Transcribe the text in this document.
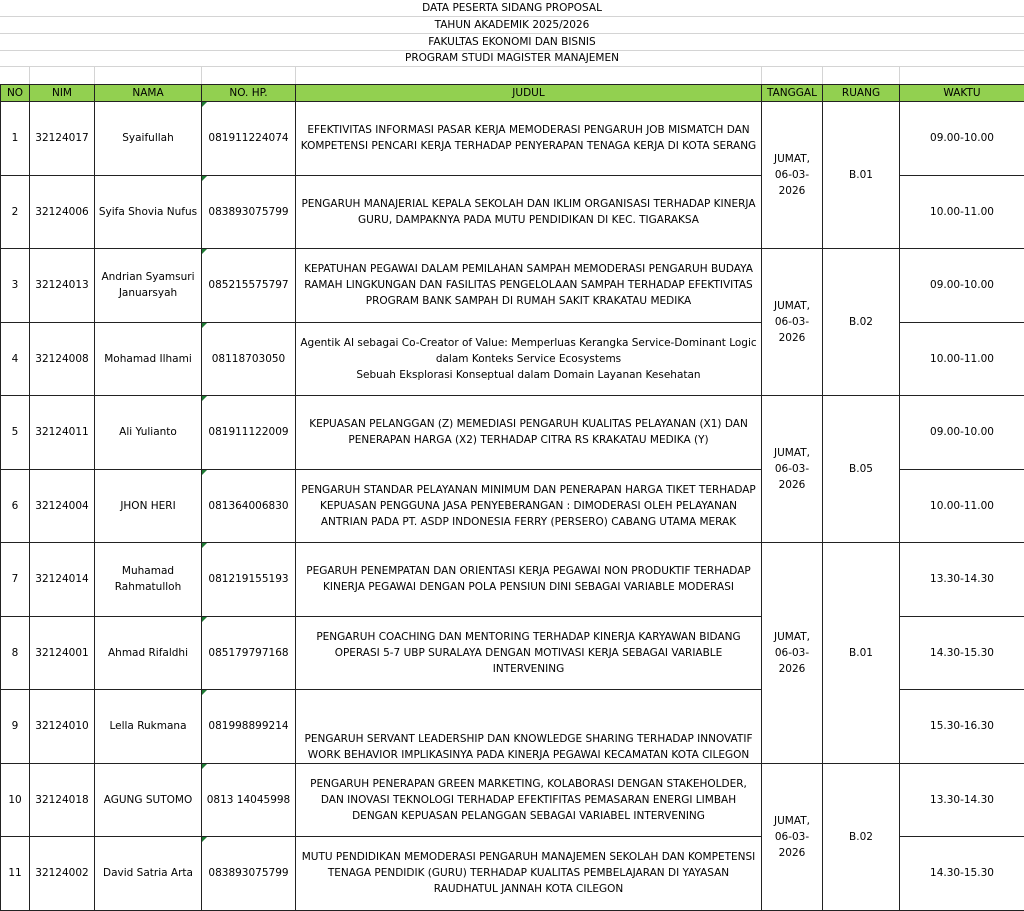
DATA PESERTA SIDANG PROPOSAL
TAHUN AKADEMIK 2025/2026
FAKULTAS EKONOMI DAN BISNIS
PROGRAM STUDI MAGISTER MANAJEMEN
NO	NIM	NAMA	NO. HP.	JUDUL	TANGGAL	RUANG	WAKTU
1	32124017	Syaifullah	081911224074	EFEKTIVITAS INFORMASI PASAR KERJA MEMODERASI PENGARUH JOB MISMATCH DAN KOMPETENSI PENCARI KERJA TERHADAP PENYERAPAN TENAGA KERJA DI KOTA SERANG	JUMAT, 06-03-2026	B.01	09.00-10.00
2	32124006	Syifa Shovia Nufus	083893075799	PENGARUH MANAJERIAL KEPALA SEKOLAH DAN IKLIM ORGANISASI TERHADAP KINERJA GURU, DAMPAKNYA PADA MUTU PENDIDIKAN DI KEC. TIGARAKSA			10.00-11.00
3	32124013	Andrian Syamsuri Januarsyah	085215575797	KEPATUHAN PEGAWAI DALAM PEMILAHAN SAMPAH MEMODERASI PENGARUH BUDAYA RAMAH LINGKUNGAN DAN FASILITAS PENGELOLAAN SAMPAH TERHADAP EFEKTIVITAS PROGRAM BANK SAMPAH DI RUMAH SAKIT KRAKATAU MEDIKA	JUMAT, 06-03-2026	B.02	09.00-10.00
4	32124008	Mohamad Ilhami	08118703050	Agentik AI sebagai Co-Creator of Value: Memperluas Kerangka Service-Dominant Logic dalam Konteks Service Ecosystems
Sebuah Eksplorasi Konseptual dalam Domain Layanan Kesehatan			10.00-11.00
5	32124011	Ali Yulianto	081911122009	KEPUASAN PELANGGAN (Z) MEMEDIASI PENGARUH KUALITAS PELAYANAN (X1) DAN PENERAPAN HARGA (X2) TERHADAP CITRA RS KRAKATAU MEDIKA (Y)	JUMAT, 06-03-2026	B.05	09.00-10.00
6	32124004	JHON HERI	081364006830	PENGARUH STANDAR PELAYANAN MINIMUM DAN PENERAPAN HARGA TIKET TERHADAP KEPUASAN PENGGUNA JASA PENYEBERANGAN : DIMODERASI OLEH PELAYANAN ANTRIAN PADA PT. ASDP INDONESIA FERRY (PERSERO) CABANG UTAMA MERAK			10.00-11.00
7	32124014	Muhamad Rahmatulloh	081219155193	PEGARUH PENEMPATAN DAN ORIENTASI KERJA PEGAWAI NON PRODUKTIF TERHADAP KINERJA PEGAWAI DENGAN POLA PENSIUN DINI SEBAGAI VARIABLE MODERASI	JUMAT, 06-03-2026	B.01	13.30-14.30
8	32124001	Ahmad Rifaldhi	085179797168	PENGARUH COACHING DAN MENTORING TERHADAP KINERJA KARYAWAN BIDANG OPERASI 5-7 UBP SURALAYA DENGAN MOTIVASI KERJA SEBAGAI VARIABLE INTERVENING			14.30-15.30
9	32124010	Lella Rukmana	081998899214	PENGARUH SERVANT LEADERSHIP DAN KNOWLEDGE SHARING TERHADAP INNOVATIF WORK BEHAVIOR IMPLIKASINYA PADA KINERJA PEGAWAI KECAMATAN KOTA CILEGON			15.30-16.30
10	32124018	AGUNG SUTOMO	0813 14045998	PENGARUH PENERAPAN GREEN MARKETING, KOLABORASI DENGAN STAKEHOLDER, DAN INOVASI TEKNOLOGI TERHADAP EFEKTIFITAS PEMASARAN ENERGI LIMBAH DENGAN KEPUASAN PELANGGAN SEBAGAI VARIABEL INTERVENING	JUMAT, 06-03-2026	B.02	13.30-14.30
11	32124002	David Satria Arta	083893075799	MUTU PENDIDIKAN MEMODERASI PENGARUH MANAJEMEN SEKOLAH DAN KOMPETENSI TENAGA PENDIDIK (GURU) TERHADAP KUALITAS PEMBELAJARAN DI YAYASAN RAUDHATUL JANNAH KOTA CILEGON			14.30-15.30
